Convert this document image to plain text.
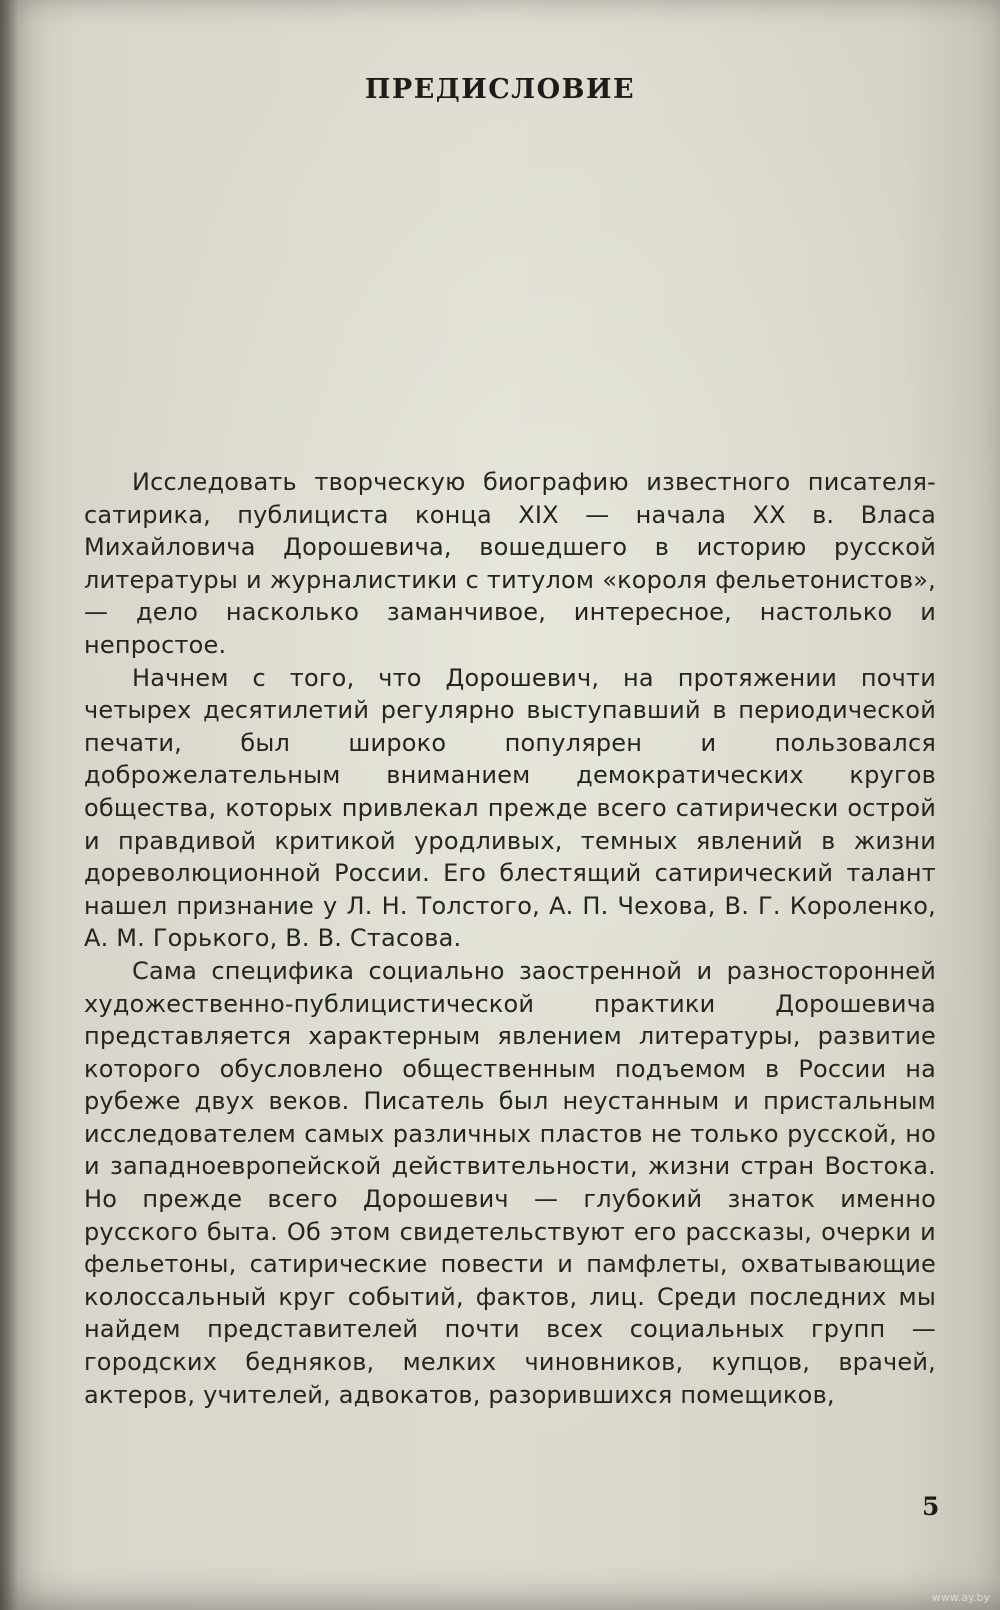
ПРЕДИСЛОВИЕ

Исследовать творческую биографию известного писателя-сатирика, публициста конца XIX — начала XX в. Власа Михайловича Дорошевича, вошедшего в историю русской литературы и журналистики с титулом «короля фельетонистов», — дело насколько заманчивое, интересное, настолько и непростое.

Начнем с того, что Дорошевич, на протяжении почти четырех десятилетий регулярно выступавший в периодической печати, был широко популярен и пользовался доброжелательным вниманием демократических кругов общества, которых привлекал прежде всего сатирически острой и правдивой критикой уродливых, темных явлений в жизни дореволюционной России. Его блестящий сатирический талант нашел признание у Л. Н. Толстого, А. П. Чехова, В. Г. Короленко, А. М. Горького, В. В. Стасова.

Сама специфика социально заостренной и разносторонней художественно-публицистической практики Дорошевича представляется характерным явлением литературы, развитие которого обусловлено общественным подъемом в России на рубеже двух веков. Писатель был неустанным и пристальным исследователем самых различных пластов не только русской, но и западноевропейской действительности, жизни стран Востока. Но прежде всего Дорошевич — глубокий знаток именно русского быта. Об этом свидетельствуют его рассказы, очерки и фельетоны, сатирические повести и памфлеты, охватывающие колоссальный круг событий, фактов, лиц. Среди последних мы найдем представителей почти всех социальных групп — городских бедняков, мелких чиновников, купцов, врачей, актеров, учителей, адвокатов, разорившихся помещиков,

5
www.ay.by
